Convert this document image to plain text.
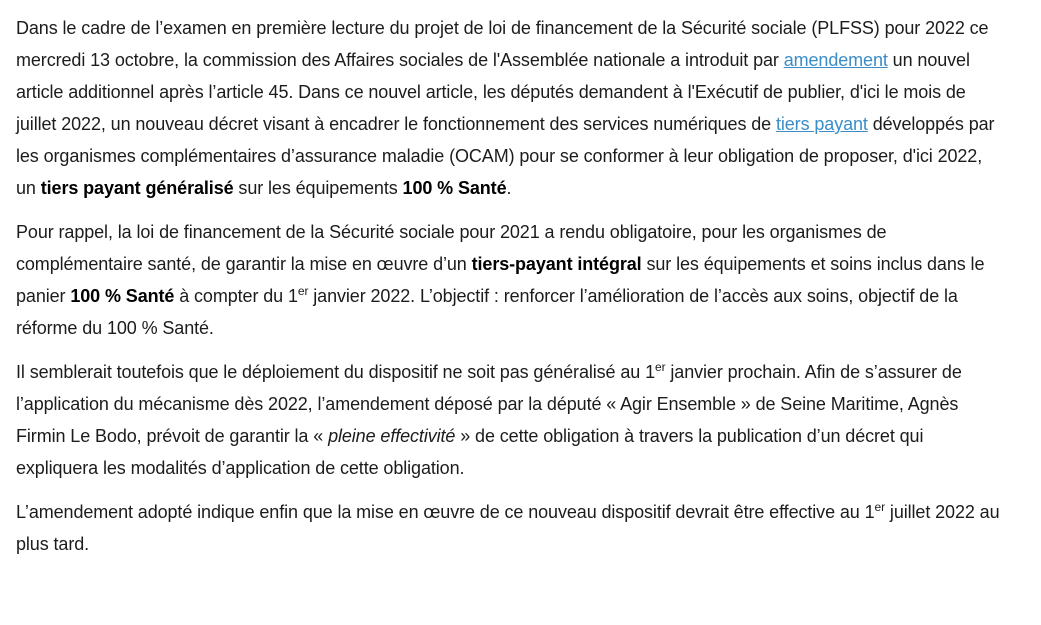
Dans le cadre de l’examen en première lecture du projet de loi de financement de la Sécurité sociale (PLFSS) pour 2022 ce mercredi 13 octobre, la commission des Affaires sociales de l'Assemblée nationale a introduit par amendement un nouvel article additionnel après l’article 45. Dans ce nouvel article, les députés demandent à l'Exécutif de publier, d'ici le mois de juillet 2022, un nouveau décret visant à encadrer le fonctionnement des services numériques de tiers payant développés par les organismes complémentaires d’assurance maladie (OCAM) pour se conformer à leur obligation de proposer, d'ici 2022, un tiers payant généralisé sur les équipements 100 % Santé.

Pour rappel, la loi de financement de la Sécurité sociale pour 2021 a rendu obligatoire, pour les organismes de complémentaire santé, de garantir la mise en œuvre d’un tiers-payant intégral sur les équipements et soins inclus dans le panier 100 % Santé à compter du 1er janvier 2022. L’objectif : renforcer l’amélioration de l’accès aux soins, objectif de la réforme du 100 % Santé.

Il semblerait toutefois que le déploiement du dispositif ne soit pas généralisé au 1er janvier prochain. Afin de s’assurer de l’application du mécanisme dès 2022, l’amendement déposé par la député « Agir Ensemble » de Seine Maritime, Agnès Firmin Le Bodo, prévoit de garantir la « pleine effectivité » de cette obligation à travers la publication d’un décret qui expliquera les modalités d’application de cette obligation.

L’amendement adopté indique enfin que la mise en œuvre de ce nouveau dispositif devrait être effective au 1er juillet 2022 au plus tard.
